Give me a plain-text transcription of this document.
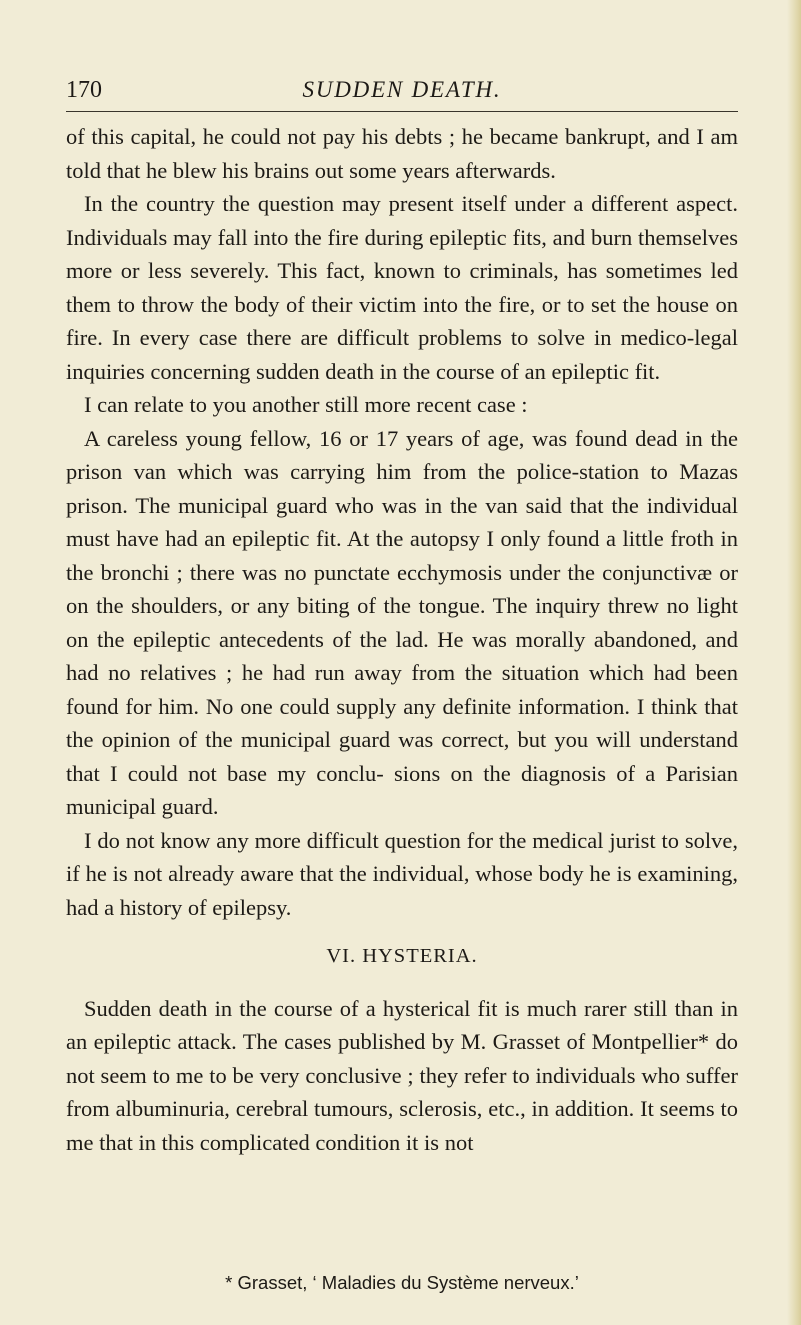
170	SUDDEN DEATH.

of this capital, he could not pay his debts ; he became bankrupt, and I am told that he blew his brains out some years afterwards.

In the country the question may present itself under a different aspect. Individuals may fall into the fire during epileptic fits, and burn themselves more or less severely. This fact, known to criminals, has sometimes led them to throw the body of their victim into the fire, or to set the house on fire. In every case there are difficult problems to solve in medico-legal inquiries concerning sudden death in the course of an epileptic fit.

I can relate to you another still more recent case :

A careless young fellow, 16 or 17 years of age, was found dead in the prison van which was carrying him from the police-station to Mazas prison. The municipal guard who was in the van said that the individual must have had an epileptic fit. At the autopsy I only found a little froth in the bronchi ; there was no punctate ecchymosis under the conjunctivæ or on the shoulders, or any biting of the tongue. The inquiry threw no light on the epileptic antecedents of the lad. He was morally abandoned, and had no relatives ; he had run away from the situation which had been found for him. No one could supply any definite information. I think that the opinion of the municipal guard was correct, but you will understand that I could not base my conclu- sions on the diagnosis of a Parisian municipal guard.

I do not know any more difficult question for the medical jurist to solve, if he is not already aware that the individual, whose body he is examining, had a history of epilepsy.

VI. HYSTERIA.

Sudden death in the course of a hysterical fit is much rarer still than in an epileptic attack. The cases published by M. Grasset of Montpellier* do not seem to me to be very conclusive ; they refer to individuals who suffer from albuminuria, cerebral tumours, sclerosis, etc., in addition. It seems to me that in this complicated condition it is not

* Grasset, ‘ Maladies du Système nerveux.’
